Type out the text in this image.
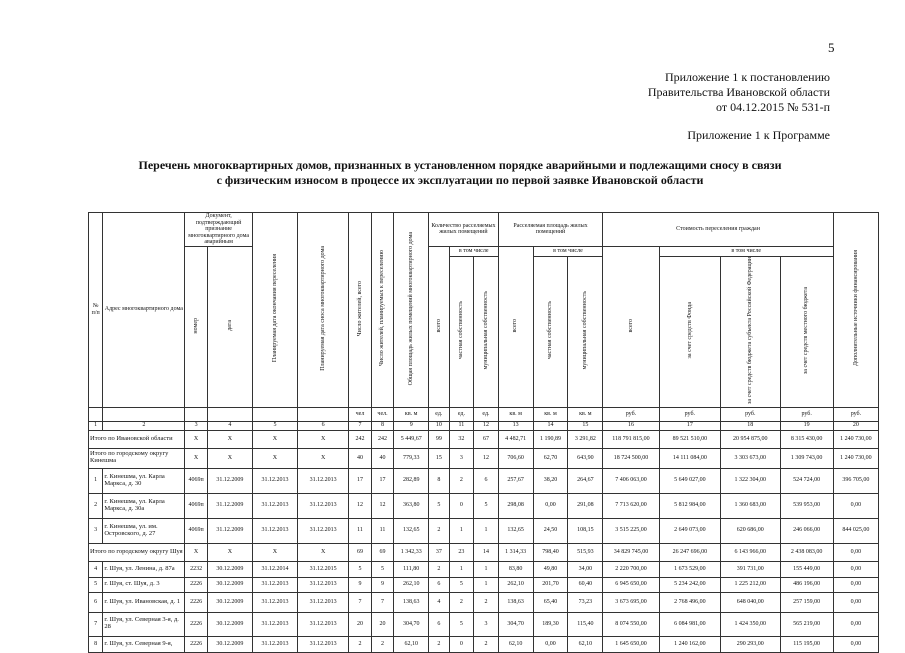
5
Приложение 1 к постановлению
Правительства Ивановской области
от 04.12.2015 № 531-п
Приложение 1 к Программе
Перечень многоквартирных домов, признанных в установленном порядке аварийными и подлежащими сносу в связи
с физическим износом в процессе их эксплуатации по первой заявке Ивановской области
№ п/п	Адрес многоквартирного дома	Документ, подтверждающий признание многоквартирного дома аварийным		Планируемая дата окончания переселения	Планируемая дата сноса многоквартирного дома	Число жителей, всего	Число жителей, планируемых к переселению	Общая площадь жилых помещений многоквартирного дома	Количество расселяемых жилых помещений			Расселяемая площадь жилых помещений			Стоимость переселения граждан				Дополнительные источники финансирования
		номер	дата						всего	в том числе		всего	в том числе		всего	в том числе			
										частная собственность	муниципальная собственность		частная собственность	муниципальная собственность		за счет средств Фонда	за счет средств бюджета субъекта Российской Федерации	за счет средств местного бюджета	
						чел	чел.	кв. м	ед.	ед.	ед.	кв. м	кв. м	кв. м	руб.	руб.	руб.	руб.	руб.
1	2	3	4	5	6	7	8	9	10	11	12	13	14	15	16	17	18	19	20
Итого по Ивановской области		X	X	X	X	242	242	5 449,67	99	32	67	4 482,71	1 190,89	3 291,82	118 791 815,00	89 521 510,00	20 954 875,00	8 315 430,00	1 240 730,00
Итого по городскому округу Кинешма		X	X	X	X	40	40	779,33	15	3	12	706,60	62,70	643,90	18 724 500,00	14 111 084,00	3 303 673,00	1 309 743,00	1 240 730,00
1	г. Кинешма, ул. Карла Маркса, д. 30	4069п	31.12.2009	31.12.2013	31.12.2013	17	17	282,89	8	2	6	257,67	38,20	264,67	7 406 063,00	5 649 027,00	1 322 304,00	524 724,00	396 705,00
2	г. Кинешма, ул. Карла Маркса, д. 30а	4069п	31.12.2009	31.12.2013	31.12.2013	12	12	363,80	5	0	5	298,08	0,00	291,08	7 713 620,00	5 812 984,00	1 360 683,00	539 953,00	0,00
3	г. Кинешма, ул. им. Островского, д. 27	4069п	31.12.2009	31.12.2013	31.12.2013	11	11	132,65	2	1	1	132,65	24,50	108,15	3 515 225,00	2 649 073,00	620 686,00	246 066,00	844 025,00
Итого по городскому округу Шуя		X	X	X	X	69	69	1 342,33	37	23	14	1 314,33	798,40	515,93	34 829 745,00	26 247 696,00	6 143 966,00	2 438 083,00	0,00
4	г. Шуя, ул. Ленина, д. 87а	2232	30.12.2009	31.12.2014	31.12.2015	5	5	111,80	2	1	1	83,80	49,80	34,00	2 220 700,00	1 673 529,00	391 731,00	155 449,00	0,00
5	г. Шуя, ст. Шуя, д. 3	2226	30.12.2009	31.12.2013	31.12.2013	9	9	262,10	6	5	1	262,10	201,70	60,40	6 945 650,00	5 234 242,00	1 225 212,00	486 196,00	0,00
6	г. Шуя, ул. Ивановская, д. 1	2226	30.12.2009	31.12.2013	31.12.2013	7	7	138,63	4	2	2	138,63	65,40	73,23	3 673 695,00	2 768 496,00	648 040,00	257 159,00	0,00
7	г. Шуя, ул. Северная 3-я, д. 28	2226	30.12.2009	31.12.2013	31.12.2013	20	20	304,70	6	5	3	304,70	189,30	115,40	8 074 550,00	6 084 981,00	1 424 350,00	565 219,00	0,00
8	г. Шуя, ул. Северная 9-я,	2226	30.12.2009	31.12.2013	31.12.2013	2	2	62,10	2	0	2	62,10	0,00	62,10	1 645 650,00	1 240 162,00	290 293,00	115 195,00	0,00
